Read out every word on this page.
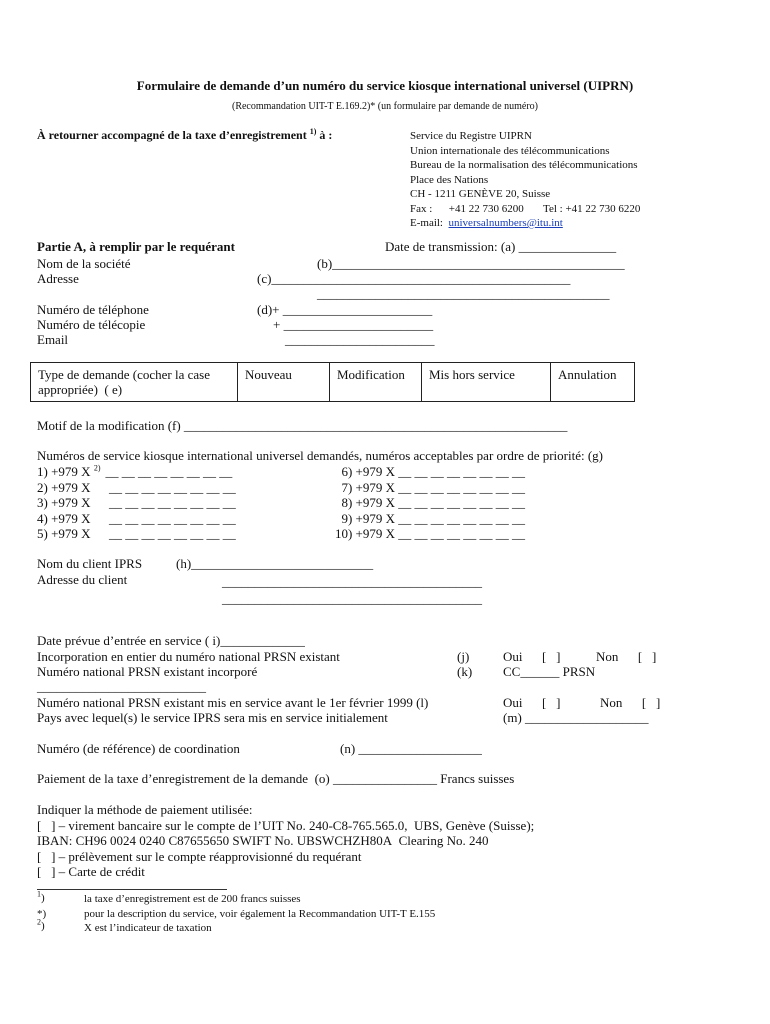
Formulaire de demande d’un numéro du service kiosque international universel (UIPRN)
(Recommandation UIT-T E.169.2)* (un formulaire par demande de numéro)
À retourner accompagné de la taxe d’enregistrement $^{1)}$ à :	Service du Registre UIPRN
Union internationale des télécommunications
Bureau de la normalisation des télécommunications
Place des Nations
CH - 1211 GENÈVE 20, Suisse
Fax :      +41 22 730 6200       Tel : +41 22 730 6220
E-mail:  universalnumbers@itu.int
Partie A, à remplir par le requérant	Date de transmission: (a) _______________
Nom de la société	(b)_____________________________________________
Adresse	(c)______________________________________________
_____________________________________________
Numéro de téléphone	(d)+ _______________________
Numéro de télécopie	+ _______________________
Email	_______________________
Type de demande (cocher la case appropriée)  ( e)	Nouveau	Modification	Mis hors service	Annulation
Motif de la modification (f) ___________________________________________________________
Numéros de service kiosque international universel demandés, numéros acceptables par ordre de priorité: (g)
1) +979 X $^{2)}$ __ __ __ __ __ __ __ __
2) +979 X __ __ __ __ __ __ __ __
3) +979 X __ __ __ __ __ __ __ __
4) +979 X __ __ __ __ __ __ __ __
5) +979 X __ __ __ __ __ __ __ __
6) +979 X __ __ __ __ __ __ __ __
7) +979 X __ __ __ __ __ __ __ __
8) +979 X __ __ __ __ __ __ __ __
9) +979 X __ __ __ __ __ __ __ __
10) +979 X __ __ __ __ __ __ __ __
Nom du client IPRS	(h)____________________________
Adresse du client	________________________________________
________________________________________
Date prévue d’entrée en service ( i)_____________
Incorporation en entier du numéro national PRSN existant	(j)	Oui      [   ]	Non      [   ]
Numéro national PRSN existant incorporé	(k) CC______ PRSN
__________________________
Numéro national PRSN existant mis en service avant le 1er février 1999 (l)	Oui      [   ]	Non      [   ]
Pays avec lequel(s) le service IPRS sera mis en service initialement	(m) ___________________
Numéro (de référence) de coordination	(n) ___________________
Paiement de la taxe d’enregistrement de la demande  (o) ________________ Francs suisses
Indiquer la méthode de paiement utilisée:
[   ] – virement bancaire sur le compte de l’UIT No. 240-C8-765.565.0,  UBS, Genève (Suisse);
IBAN: CH96 0024 0240 C87655650 SWIFT No. UBSWCHZH80A  Clearing No. 240
[   ] – prélèvement sur le compte réapprovisionné du requérant
[   ] – Carte de crédit
$^1$)	la taxe d’enregistrement est de 200 francs suisses
*)	pour la description du service, voir également la Recommandation UIT-T E.155
$^2$)	X est l’indicateur de taxation
